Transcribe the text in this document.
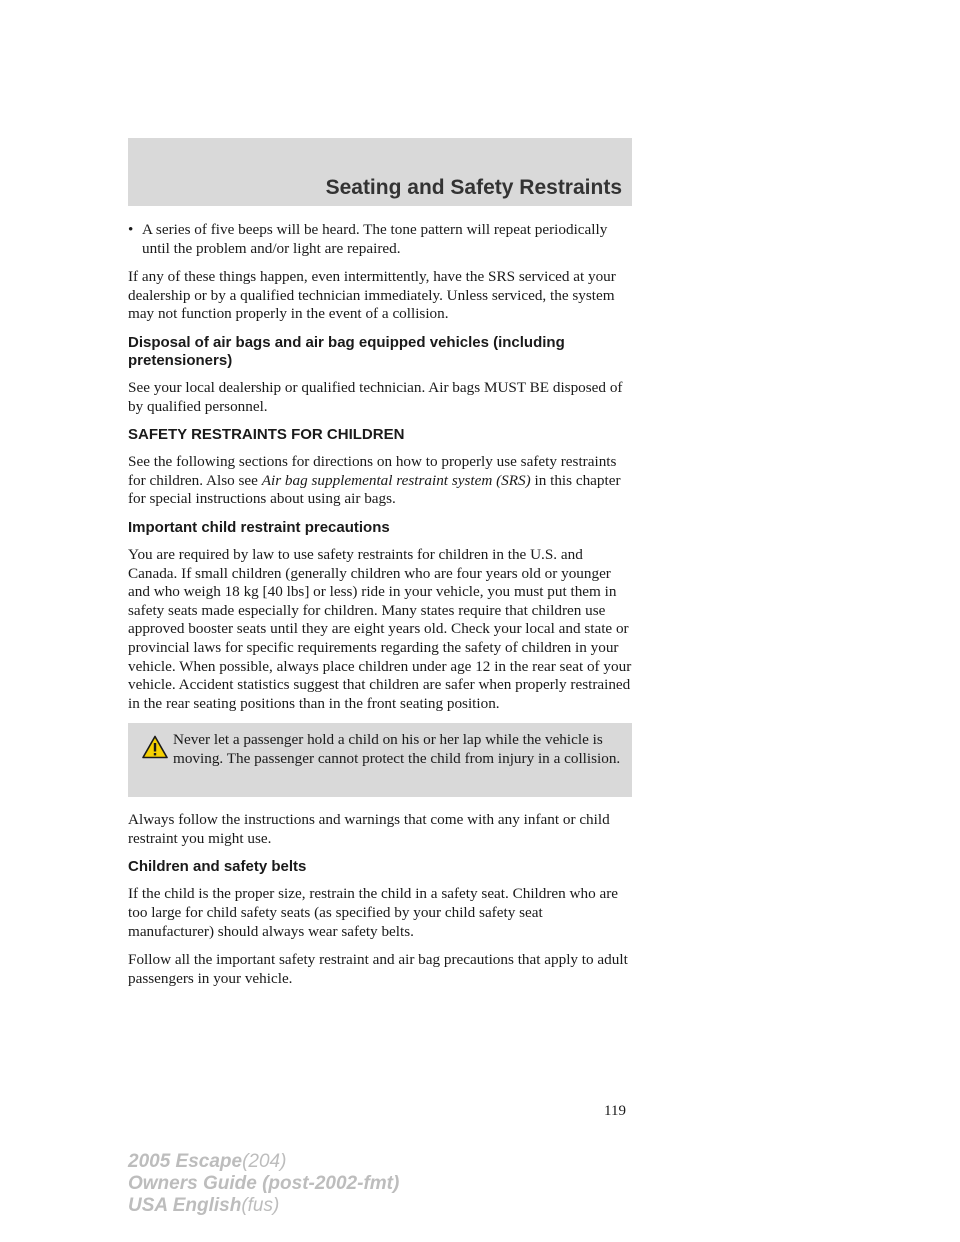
Seating and Safety Restraints
• A series of five beeps will be heard. The tone pattern will repeat periodically until the problem and/or light are repaired.

If any of these things happen, even intermittently, have the SRS serviced at your dealership or by a qualified technician immediately. Unless serviced, the system may not function properly in the event of a collision.

Disposal of air bags and air bag equipped vehicles (including pretensioners)

See your local dealership or qualified technician. Air bags MUST BE disposed of by qualified personnel.

SAFETY RESTRAINTS FOR CHILDREN

See the following sections for directions on how to properly use safety restraints for children. Also see Air bag supplemental restraint system (SRS) in this chapter for special instructions about using air bags.

Important child restraint precautions

You are required by law to use safety restraints for children in the U.S. and Canada. If small children (generally children who are four years old or younger and who weigh 18 kg [40 lbs] or less) ride in your vehicle, you must put them in safety seats made especially for children. Many states require that children use approved booster seats until they are eight years old. Check your local and state or provincial laws for specific requirements regarding the safety of children in your vehicle. When possible, always place children under age 12 in the rear seat of your vehicle. Accident statistics suggest that children are safer when properly restrained in the rear seating positions than in the front seating position.

Never let a passenger hold a child on his or her lap while the vehicle is moving. The passenger cannot protect the child from injury in a collision.

Always follow the instructions and warnings that come with any infant or child restraint you might use.

Children and safety belts

If the child is the proper size, restrain the child in a safety seat. Children who are too large for child safety seats (as specified by your child safety seat manufacturer) should always wear safety belts.

Follow all the important safety restraint and air bag precautions that apply to adult passengers in your vehicle.

119
2005 Escape(204)
Owners Guide (post-2002-fmt)
USA English(fus)
